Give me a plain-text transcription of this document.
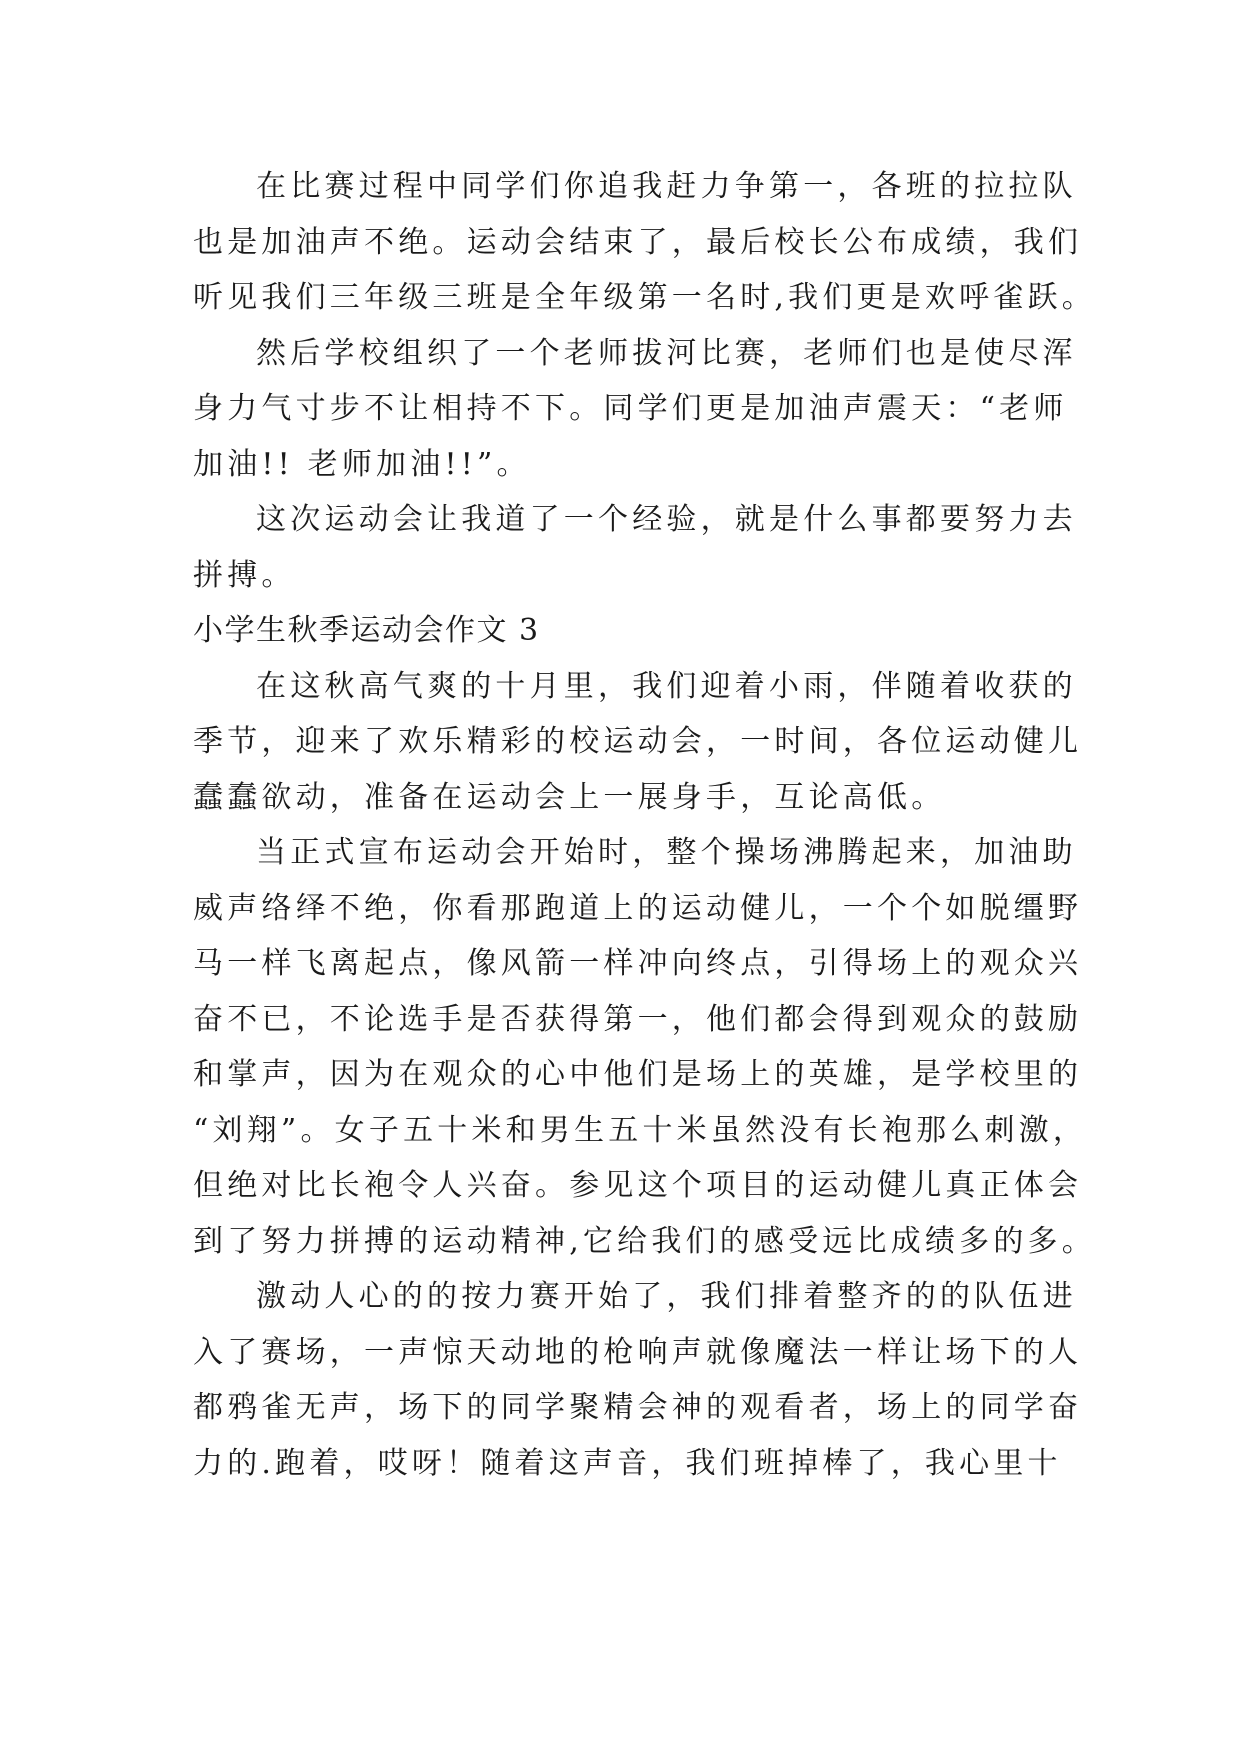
在比赛过程中同学们你追我赶力争第一，各班的拉拉队
也是加油声不绝。运动会结束了，最后校长公布成绩，我们
听见我们三年级三班是全年级第一名时,我们更是欢呼雀跃。
然后学校组织了一个老师拔河比赛，老师们也是使尽浑
身力气寸步不让相持不下。同学们更是加油声震天：“老师
加油!! 老师加油!!”。
这次运动会让我道了一个经验，就是什么事都要努力去
拼搏。
小学生秋季运动会作文 3
在这秋高气爽的十月里，我们迎着小雨，伴随着收获的
季节，迎来了欢乐精彩的校运动会，一时间，各位运动健儿
蠢蠢欲动，准备在运动会上一展身手，互论高低。
当正式宣布运动会开始时，整个操场沸腾起来，加油助
威声络绎不绝，你看那跑道上的运动健儿，一个个如脱缰野
马一样飞离起点，像风箭一样冲向终点，引得场上的观众兴
奋不已，不论选手是否获得第一，他们都会得到观众的鼓励
和掌声，因为在观众的心中他们是场上的英雄，是学校里的
“刘翔”。女子五十米和男生五十米虽然没有长袍那么刺激，
但绝对比长袍令人兴奋。参见这个项目的运动健儿真正体会
到了努力拼搏的运动精神,它给我们的感受远比成绩多的多。
激动人心的的按力赛开始了，我们排着整齐的的队伍进
入了赛场，一声惊天动地的枪响声就像魔法一样让场下的人
都鸦雀无声，场下的同学聚精会神的观看者，场上的同学奋
力的.跑着，哎呀！随着这声音，我们班掉棒了，我心里十
